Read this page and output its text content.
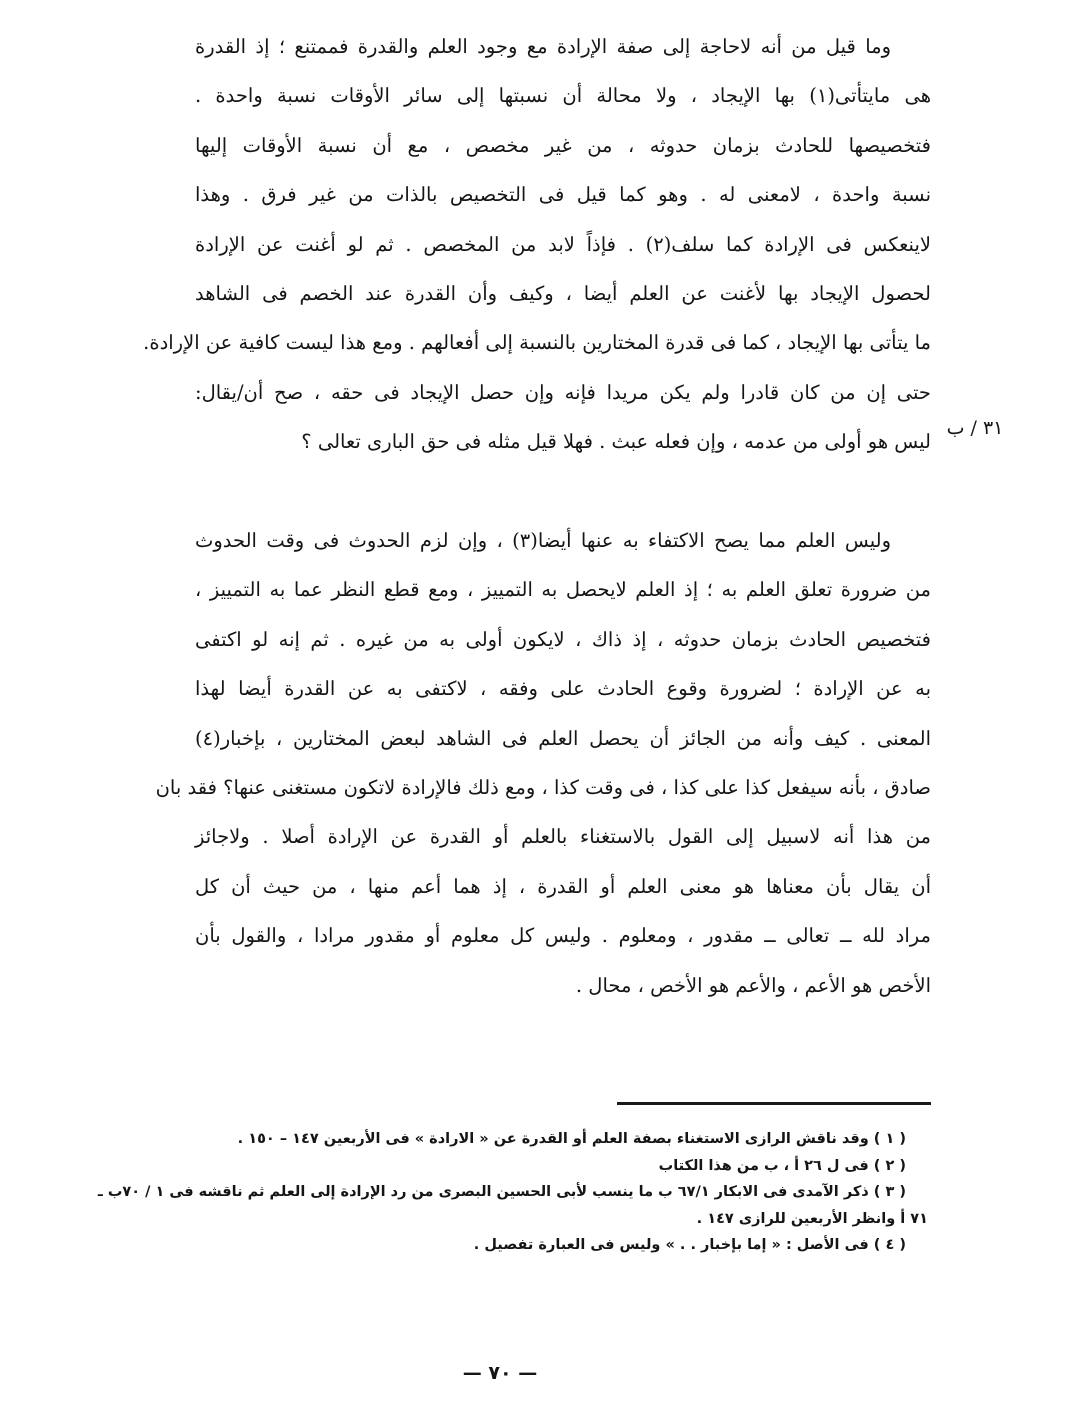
وما قيل من أنه لاحاجة إلى صفة الإرادة مع وجود العلم والقدرة فممتنع ؛ إذ القدرة
هى مايتأتى(١) بها الإيجاد ، ولا محالة أن نسبتها إلى سائر الأوقات نسبة واحدة .
فتخصيصها للحادث بزمان حدوثه ، من غير مخصص ، مع أن نسبة الأوقات إليها
نسبة واحدة ، لامعنى له . وهو كما قيل فى التخصيص بالذات من غير فرق . وهذا
لاينعكس فى الإرادة كما سلف(٢) . فإذاً لابد من المخصص . ثم لو أغنت عن الإرادة
لحصول الإيجاد بها لأغنت عن العلم أيضا ، وكيف وأن القدرة عند الخصم فى الشاهد
ما يتأتى بها الإيجاد ، كما فى قدرة المختارين بالنسبة إلى أفعالهم . ومع هذا ليست كافية عن الإرادة.
حتى إن من كان قادرا ولم يكن مريدا فإنه وإن حصل الإيجاد فى حقه ، صح أن/يقال:
ليس هو أولى من عدمه ، وإن فعله عبث . فهلا قيل مثله فى حق البارى تعالى ؟
٣١ / ب
وليس العلم مما يصح الاكتفاء به عنها أيضا(٣) ، وإن لزم الحدوث فى وقت الحدوث
من ضرورة تعلق العلم به ؛ إذ العلم لايحصل به التمييز ، ومع قطع النظر عما به التمييز ،
فتخصيص الحادث بزمان حدوثه ، إذ ذاك ، لايكون أولى به من غيره . ثم إنه لو اكتفى
به عن الإرادة ؛ لضرورة وقوع الحادث على وفقه ، لاكتفى به عن القدرة أيضا لهذا
المعنى . كيف وأنه من الجائز أن يحصل العلم فى الشاهد لبعض المختارين ، بإخبار(٤)
صادق ، بأنه سيفعل كذا على كذا ، فى وقت كذا ، ومع ذلك فالإرادة لاتكون مستغنى عنها؟ فقد بان
من هذا أنه لاسبيل إلى القول بالاستغناء بالعلم أو القدرة عن الإرادة أصلا . ولاجائز
أن يقال بأن معناها هو معنى العلم أو القدرة ، إذ هما أعم منها ، من حيث أن كل
مراد لله ــ تعالى ــ مقدور ، ومعلوم . وليس كل معلوم أو مقدور مرادا ، والقول بأن
الأخص هو الأعم ، والأعم هو الأخص ، محال .
( ١ ) وقد ناقش الرازى الاستغناء بصفة العلم أو القدرة عن « الارادة » فى الأربعين ١٤٧ – ١٥٠ .
( ٢ ) فى ل ٢٦ أ ، ب من هذا الكتاب
( ٣ ) ذكر الآمدى فى الابكار ٦٧/١ ب ما ينسب لأبى الحسين البصرى من رد الإرادة إلى العلم ثم ناقشه فى ١ / ٧٠ب ـ
٧١ أ وانظر الأربعين للرازى ١٤٧ .
( ٤ ) فى الأصل : « إما بإخبار . . » وليس فى العبارة تفصيل .
— ٧٠ —
